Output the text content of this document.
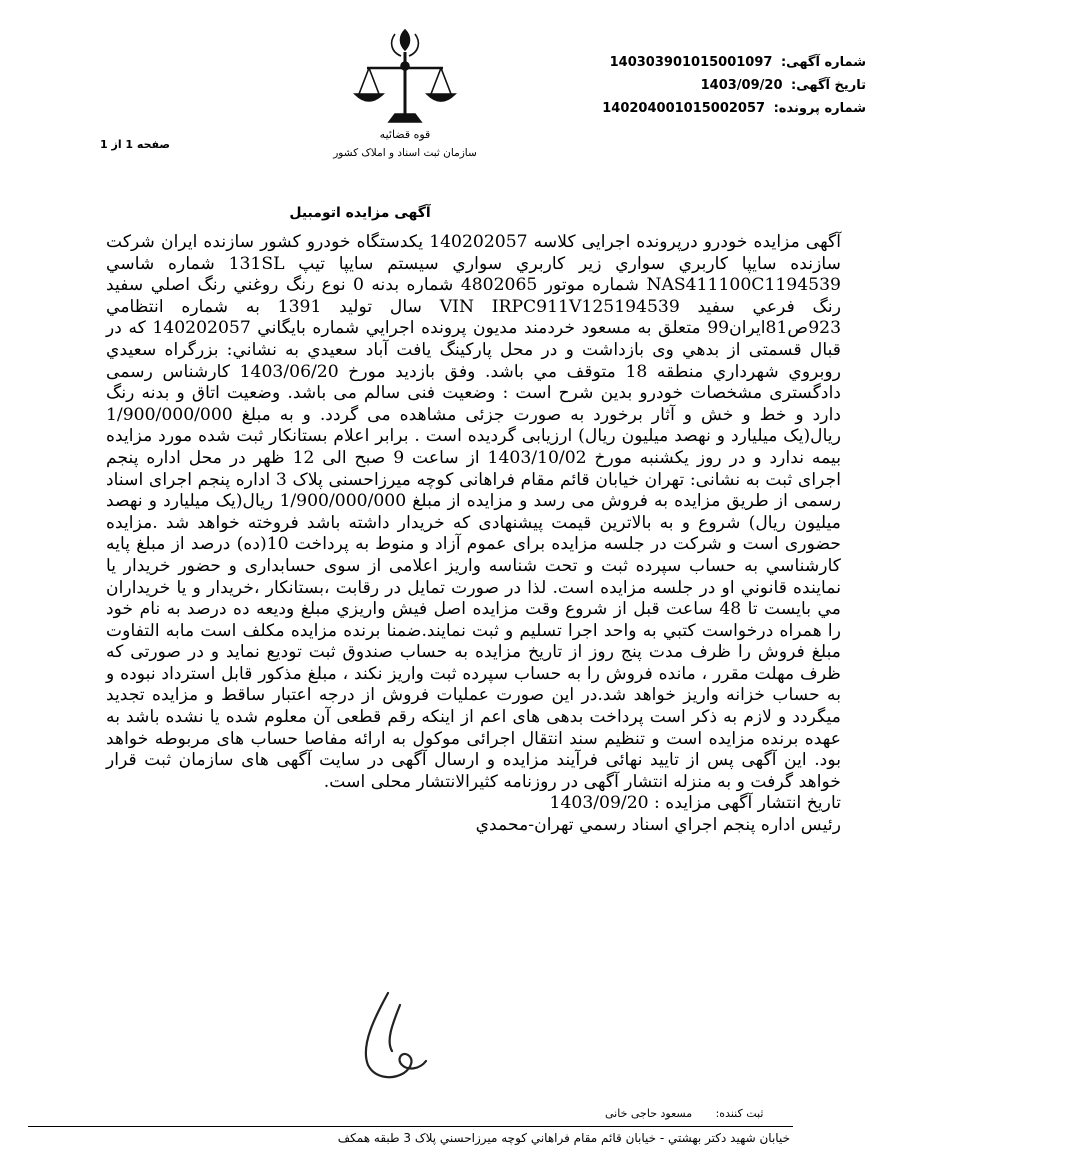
شماره آگهی: 140303901015001097
تاریخ آگهی: 1403/09/20
شماره پرونده: 140204001015002057
قوه قضائیه
سازمان ثبت اسناد و املاک کشور
صفحه 1 از 1
آگهی مزایده اتومبیل

آگهی مزایده خودرو درپرونده اجرایی کلاسه 140202057 يکدستگاه خودرو کشور سازنده ايران شرکت سازنده سايپا کاربري سواري زير کاربري سواري سيستم سايپا تيپ 131SL شماره شاسي NAS411100C1194539 شماره موتور 4802065 شماره بدنه 0 نوع رنگ روغني رنگ اصلي سفيد رنگ فرعي سفيد VIN IRPC911V125194539 سال توليد 1391 به شماره انتظامي 923ص81ايران99 متعلق به مسعود خردمند مديون پرونده اجرايي شماره بايگاني 140202057 که در قبال قسمتی از بدهي وی بازداشت و در محل پارکينگ يافت آباد سعيدي به نشاني: بزرگراه سعيدي روبروي شهرداري منطقه 18 متوقف مي باشد. وفق بازديد مورخ 1403/06/20 کارشناس رسمی دادگستری مشخصات خودرو بدين شرح است : وضعيت فنی سالم می باشد. وضعيت اتاق و بدنه رنگ دارد و خط و خش و آثار برخورد به صورت جزئی مشاهده می گردد. و به مبلغ 1/900/000/000 ريال(يک ميليارد و نهصد ميليون ريال) ارزيابی گرديده است . برابر اعلام بستانکار ثبت شده مورد مزايده بيمه ندارد و در روز يکشنبه مورخ 1403/10/02 از ساعت 9 صبح الی 12 ظهر در محل اداره پنجم اجرای ثبت به نشانی: تهران خيابان قائم مقام فراهانی کوچه ميرزاحسنی پلاک 3 اداره پنجم اجرای اسناد رسمی از طريق مزايده به فروش می رسد و مزايده از مبلغ 1/900/000/000 ريال(يک ميليارد و نهصد ميليون ريال) شروع و به بالاترين قيمت پيشنهادی که خريدار داشته باشد فروخته خواهد شد .مزايده حضوری است و شرکت در جلسه مزايده برای عموم آزاد و منوط به پرداخت 10(ده) درصد از مبلغ پايه کارشناسي به حساب سپرده ثبت و تحت شناسه واريز اعلامی از سوی حسابداری و حضور خريدار يا نماينده قانوني او در جلسه مزايده است. لذا در صورت تمايل در رقابت ،بستانکار ،خريدار و يا خريداران مي بايست تا 48 ساعت قبل از شروع وقت مزايده اصل فيش واريزي مبلغ وديعه ده درصد به نام خود را همراه درخواست کتبي به واحد اجرا تسليم و ثبت نمايند.ضمنا برنده مزايده مکلف است مابه التفاوت مبلغ فروش را ظرف مدت پنج روز از تاريخ مزايده به حساب صندوق ثبت توديع نمايد و در صورتی که ظرف مهلت مقرر ، مانده فروش را به حساب سپرده ثبت واريز نکند ، مبلغ مذکور قابل استرداد نبوده و به حساب خزانه واريز خواهد شد.در اين صورت عمليات فروش از درجه اعتبار ساقط و مزايده تجديد ميگردد و لازم به ذکر است پرداخت بدهی های اعم از اينکه رقم قطعی آن معلوم شده يا نشده باشد به عهده برنده مزايده است و تنظيم سند انتقال اجرائی موکول به ارائه مفاصا حساب های مربوطه خواهد بود. اين آگهی پس از تاييد نهائی فرآيند مزايده و ارسال آگهی در سايت آگهی های سازمان ثبت قرار خواهد گرفت و به منزله انتشار آگهی در روزنامه کثيرالانتشار محلی است.

تاريخ انتشار آگهی مزايده : 1403/09/20

رئيس اداره پنجم اجراي اسناد رسمي تهران-محمدي

ثبت كننده: مسعود حاجی خانی
خيابان شهيد دکتر بهشتي - خيابان قائم مقام فراهاني کوچه ميرزاحسني پلاک 3 طبقه همکف
